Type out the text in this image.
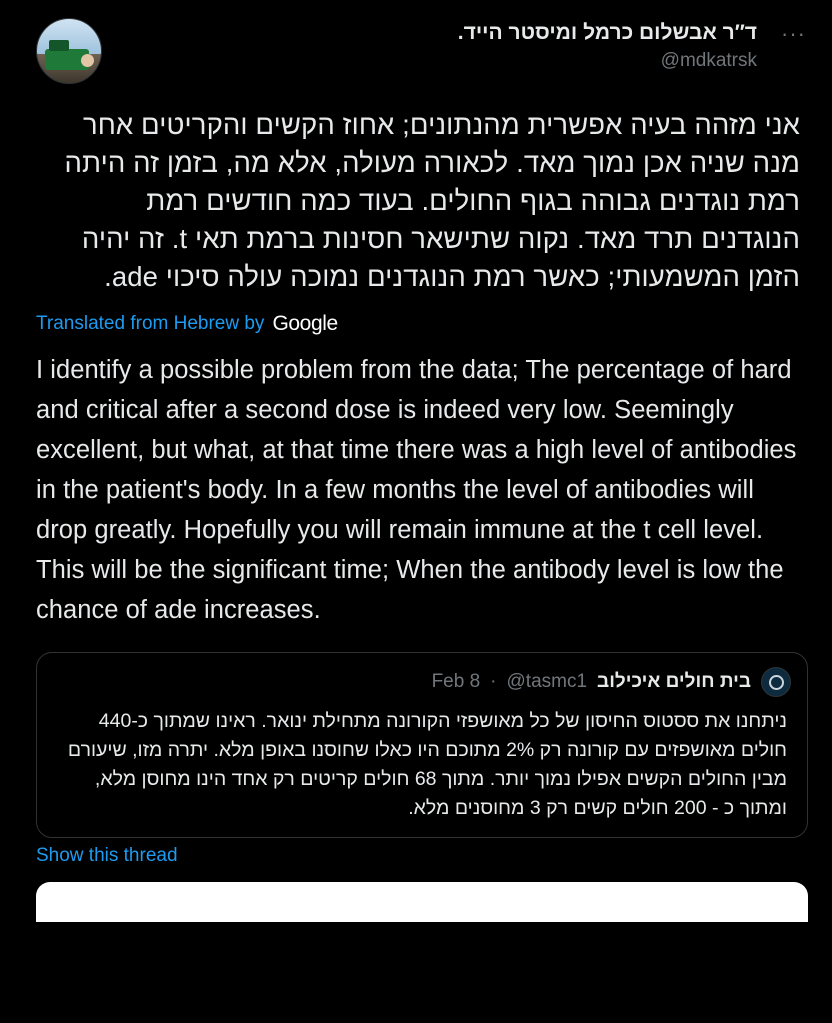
ד″ר אבשלום כרמל ומיסטר הייד.
@mdkatrsk
···
אני מזהה בעיה אפשרית מהנתונים; אחוז הקשים והקריטים אחר מנה שניה אכן נמוך מאד. לכאורה מעולה, אלא מה, בזמן זה היתה רמת נוגדנים גבוהה בגוף החולים. בעוד כמה חודשים רמת הנוגדנים תרד מאד. נקוה שתישאר חסינות ברמת תאי t. זה יהיה הזמן המשמעותי; כאשר רמת הנוגדנים נמוכה עולה סיכוי ade.
Translated from Hebrew by Google
I identify a possible problem from the data; The percentage of hard and critical after a second dose is indeed very low. Seemingly excellent, but what, at that time there was a high level of antibodies in the patient's body. In a few months the level of antibodies will drop greatly. Hopefully you will remain immune at the t cell level. This will be the significant time; When the antibody level is low the chance of ade increases.
בית חולים איכילוב
@tasmc1
·
Feb 8
ניתחנו את ססטוס החיסון של כל מאושפזי הקורונה מתחילת ינואר. ראינו שמתוך כ-440 חולים מאושפזים עם קורונה רק 2% מתוכם היו כאלו שחוסנו באופן מלא. יתרה מזו, שיעורם מבין החולים הקשים אפילו נמוך יותר. מתוך 68 חולים קריטים רק אחד הינו מחוסן מלא, ומתוך כ - 200 חולים קשים רק 3 מחוסנים מלא.
Show this thread
